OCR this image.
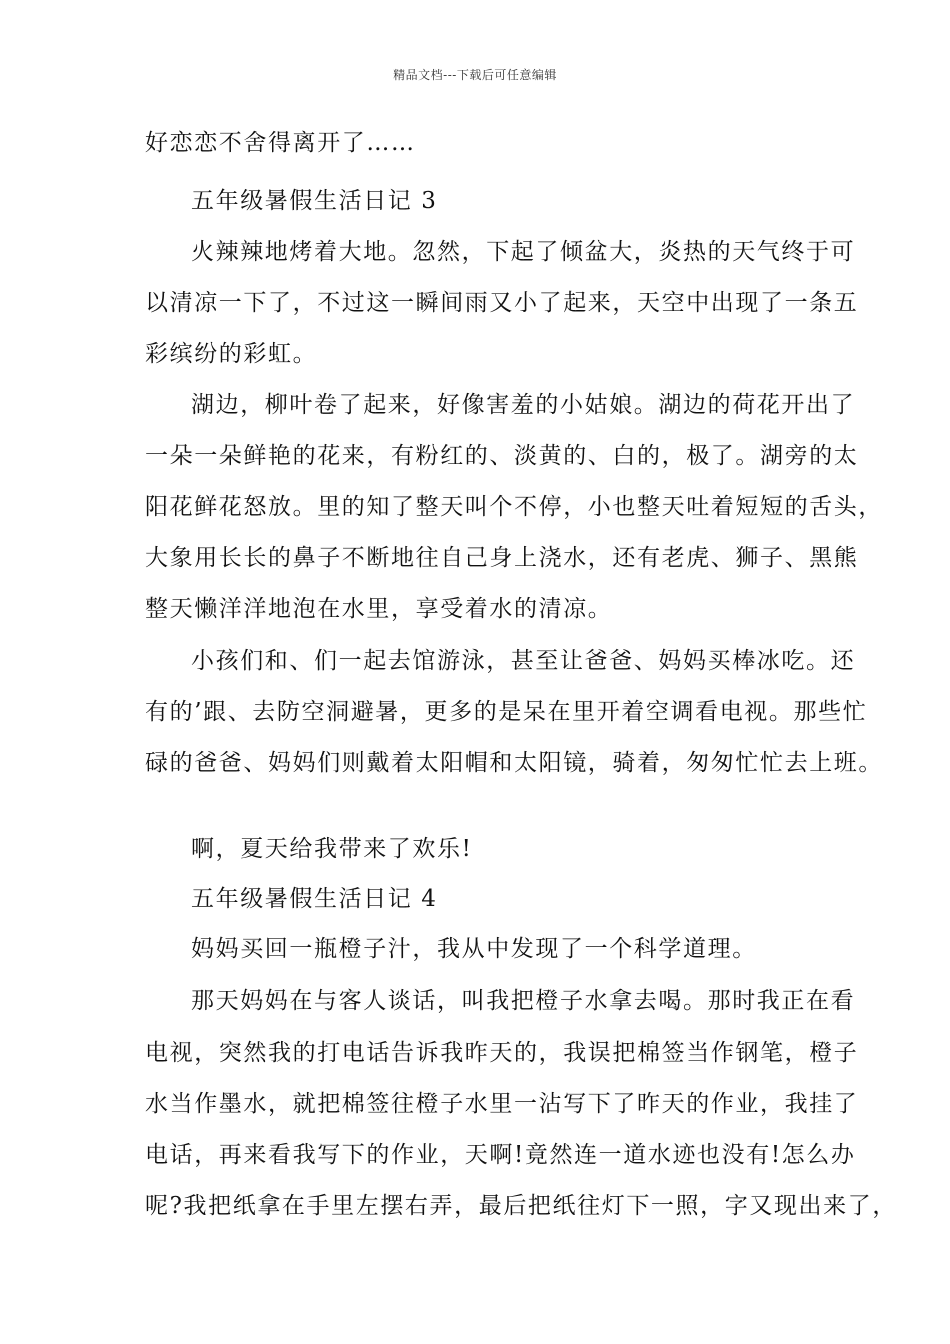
精品文档---下载后可任意编辑
好恋恋不舍得离开了……
五年级暑假生活日记 3
火辣辣地烤着大地。忽然，下起了倾盆大，炎热的天气终于可
以清凉一下了，不过这一瞬间雨又小了起来，天空中出现了一条五
彩缤纷的彩虹。
湖边，柳叶卷了起来，好像害羞的小姑娘。湖边的荷花开出了
一朵一朵鲜艳的花来，有粉红的、淡黄的、白的，极了。湖旁的太
阳花鲜花怒放。里的知了整天叫个不停，小也整天吐着短短的舌头，
大象用长长的鼻子不断地往自己身上浇水，还有老虎、狮子、黑熊
整天懒洋洋地泡在水里，享受着水的清凉。
小孩们和、们一起去馆游泳，甚至让爸爸、妈妈买棒冰吃。还
有的’跟、去防空洞避暑，更多的是呆在里开着空调看电视。那些忙
碌的爸爸、妈妈们则戴着太阳帽和太阳镜，骑着，匆匆忙忙去上班。
啊，夏天给我带来了欢乐!
五年级暑假生活日记 4
妈妈买回一瓶橙子汁，我从中发现了一个科学道理。
那天妈妈在与客人谈话，叫我把橙子水拿去喝。那时我正在看
电视，突然我的打电话告诉我昨天的，我误把棉签当作钢笔，橙子
水当作墨水，就把棉签往橙子水里一沾写下了昨天的作业，我挂了
电话，再来看我写下的作业，天啊!竟然连一道水迹也没有!怎么办
呢?我把纸拿在手里左摆右弄，最后把纸往灯下一照，字又现出来了，
